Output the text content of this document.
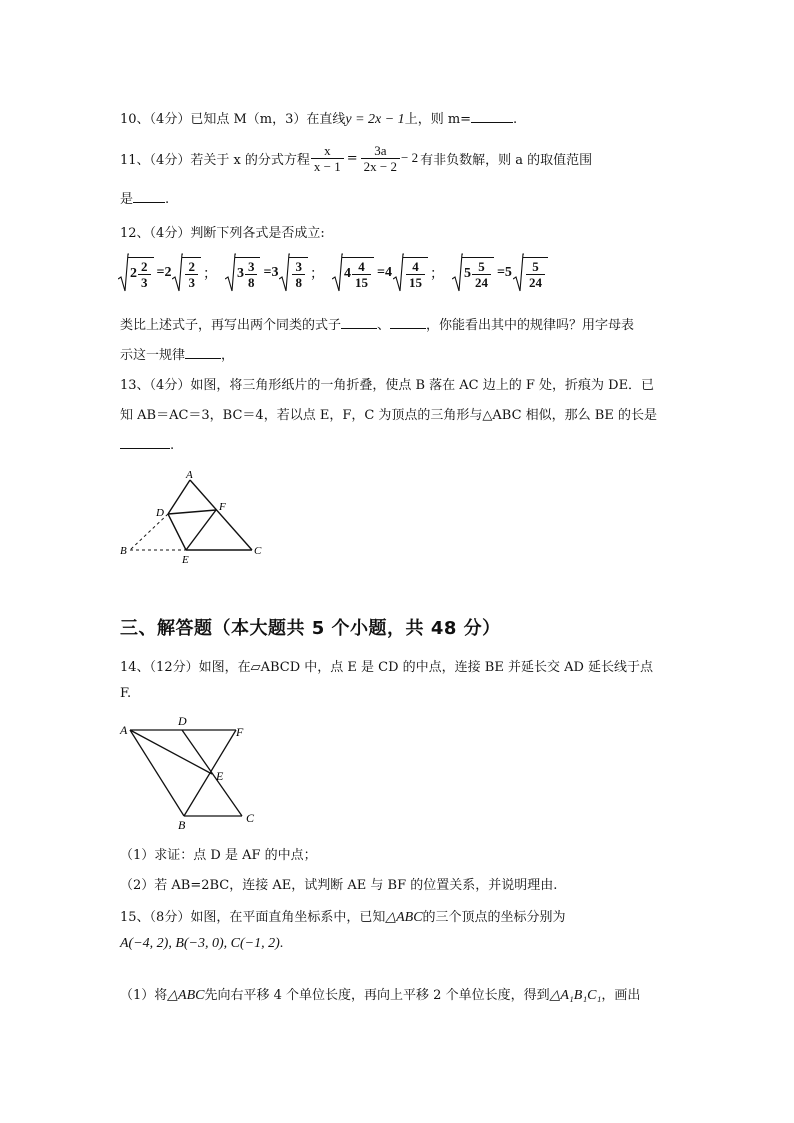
10、（4分）已知点 M（m，3）在直线y = 2x − 1上，则 m=	.
11、（4分）若关于 x 的分式方程 $\frac{x}{x - 1} = \frac{3a}{2x - 2} - 2$ 有非负数解，则 a 的取值范围
是 .
12、（4分）判断下列各式是否成立:
$2 \frac{2}{3} =2 \frac{2}{3}$ ； $3 \frac{3}{8} =3 \frac{3}{8}$ ； $4 \frac{4}{15} =4 \frac{4}{15}$ ； $5 \frac{5}{24} =5 \frac{5}{24}$
类比上述式子，再写出两个同类的式子	、	，你能看出其中的规律吗？用字母表
示这一规律	，
13、（4分）如图，将三角形纸片的一角折叠，使点 B 落在 AC 边上的 F 处，折痕为 DE．已
知 AB＝AC＝3，BC＝4，若以点 E，F，C 为顶点的三角形与△ABC 相似，那么 BE 的长是
.
A
D	F
B
E
C
三、解答题（本大题共 5 个小题，共 48 分）
14、（12分）如图，在▱ABCD 中，点 E 是 CD 的中点，连接 BE 并延长交 AD 延长线于点
F.
A
D
F
E
B	C
（1）求证：点 D 是 AF 的中点；
（2）若 AB=2BC，连接 AE，试判断 AE 与 BF 的位置关系，并说明理由.
15、（8分）如图，在平面直角坐标系中，已知△ABC的三个顶点的坐标分别为
A(−4, 2), B(−3, 0), C(−1, 2).
（1）将△ABC先向右平移 4 个单位长度，再向上平移 2 个单位长度，得到△A₁B₁C₁，画出
